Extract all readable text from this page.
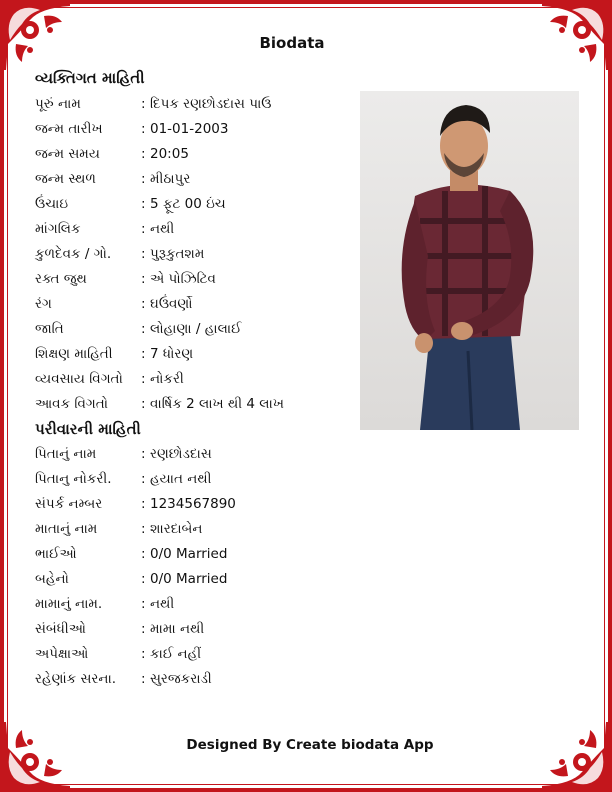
Biodata
વ્યક્તિગત માહિતી
પૂરું નામ	: દિપક રણછોડદાસ પાઉ
જન્મ તારીખ	: 01-01-2003
જન્મ સમય	: 20:05
જન્મ સ્થળ	: મીઠાપુર
ઉંચાઇ	: 5 ફૂટ 00 ઇંચ
માંગલિક	: નથી
કુળદેવક / ગો.	: પુરૂકુતશમ
રક્ત જુથ	: એ પોઝિટિવ
રંગ	: ઘઉંવર્ણો
જાતિ	: લોહાણા / હાલાઈ
શિક્ષણ માહિતી	: 7 ધોરણ
વ્યવસાય વિગતો	: નોકરી
આવક વિગતો	: વાર્ષિક 2 લાખ થી 4 લાખ
પરીવારની માહિતી
પિતાનું નામ	: રણછોડદાસ
પિતાનુ નોકરી.	: હયાત નથી
સંપર્ક નમ્બર	: 1234567890
માતાનું નામ	: શારદાબેન
ભાઈઓ	: 0/0 Married
બહેનો	: 0/0 Married
મામાનું નામ.	: નથી
સંબંધીઓ	: મામા નથી
અપેક્ષાઓ	: કાઈ નહીં
રહેણાંક સરના.	: સુરજકરાડી
Designed By Create biodata App
